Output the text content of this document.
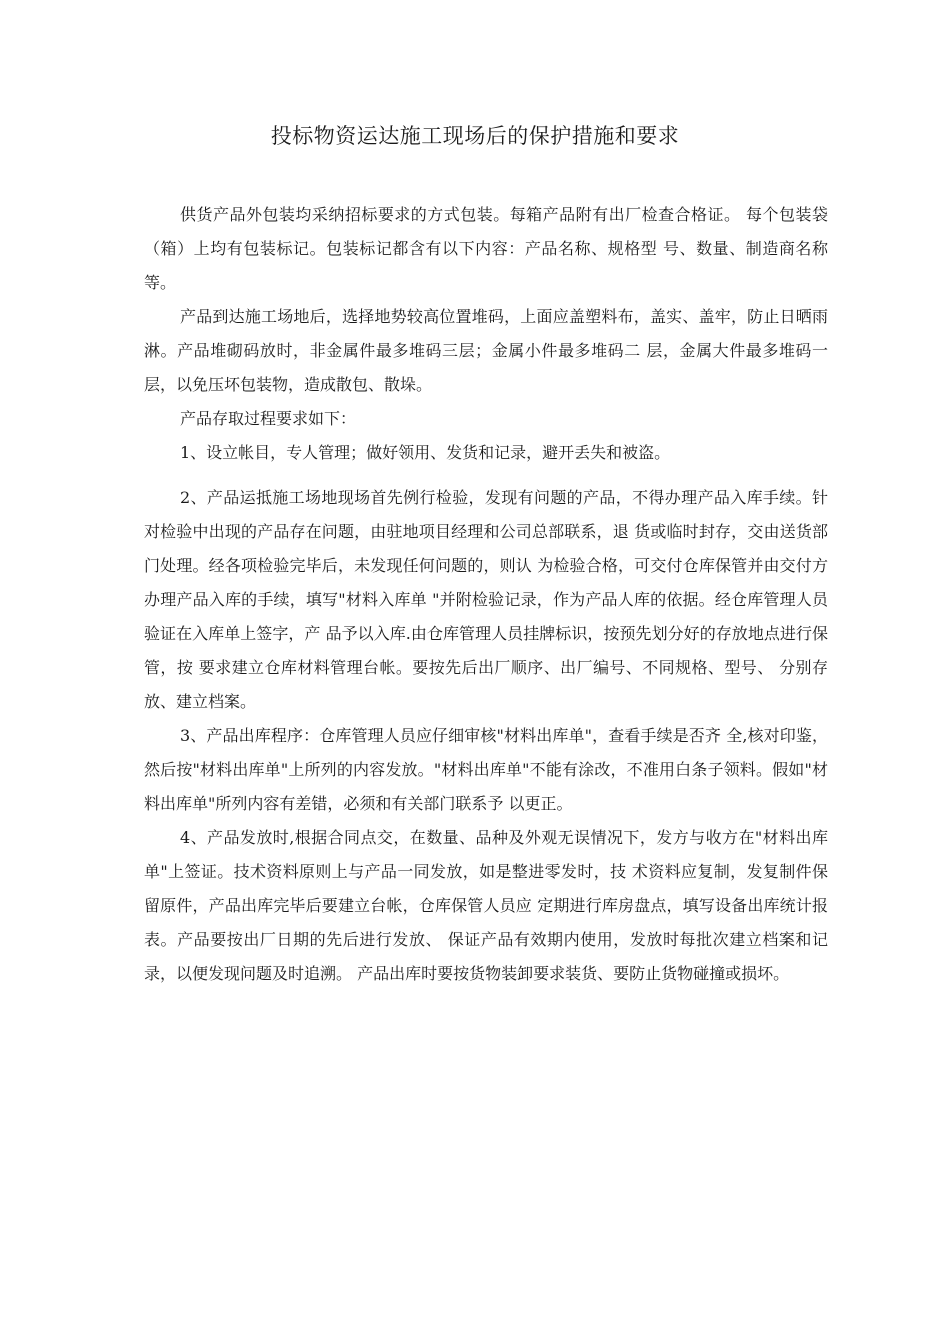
投标物资运达施工现场后的保护措施和要求

供货产品外包装均采纳招标要求的方式包装。每箱产品附有出厂检查合格证。 每个包装袋（箱）上均有包装标记。包装标记都含有以下内容：产品名称、规格型 号、数量、制造商名称等。

产品到达施工场地后，选择地势较高位置堆码，上面应盖塑料布，盖实、盖牢，防止日晒雨淋。产品堆砌码放时，非金属件最多堆码三层；金属小件最多堆码二 层，金属大件最多堆码一层，以免压坏包装物，造成散包、散垛。

产品存取过程要求如下：

1、设立帐目，专人管理；做好领用、发货和记录，避开丢失和被盗。

2、产品运抵施工场地现场首先例行检验，发现有问题的产品，不得办理产品入库手续。针对检验中出现的产品存在问题，由驻地项目经理和公司总部联系，退 货或临时封存，交由送货部门处理。经各项检验完毕后，未发现任何问题的，则认 为检验合格，可交付仓库保管并由交付方办理产品入库的手续，填写"材料入库单 "并附检验记录，作为产品人库的依据。经仓库管理人员验证在入库单上签字，产 品予以入库.由仓库管理人员挂牌标识，按预先划分好的存放地点进行保管，按 要求建立仓库材料管理台帐。要按先后出厂顺序、出厂编号、不同规格、型号、 分别存放、建立档案。

3、产品出库程序：仓库管理人员应仔细审核"材料出库单"，查看手续是否齐 全,核对印鉴，然后按"材料出库单"上所列的内容发放。"材料出库单"不能有涂改，不准用白条子领料。假如"材料出库单"所列内容有差错，必须和有关部门联系予 以更正。

4、产品发放时,根据合同点交，在数量、品种及外观无误情况下，发方与收方在"材料出库单"上签证。技术资料原则上与产品一同发放，如是整进零发时，技 术资料应复制，发复制件保留原件，产品出库完毕后要建立台帐，仓库保管人员应 定期进行库房盘点，填写设备出库统计报表。产品要按出厂日期的先后进行发放、 保证产品有效期内使用，发放时每批次建立档案和记录，以便发现问题及时追溯。 产品出库时要按货物装卸要求装货、要防止货物碰撞或损坏。
